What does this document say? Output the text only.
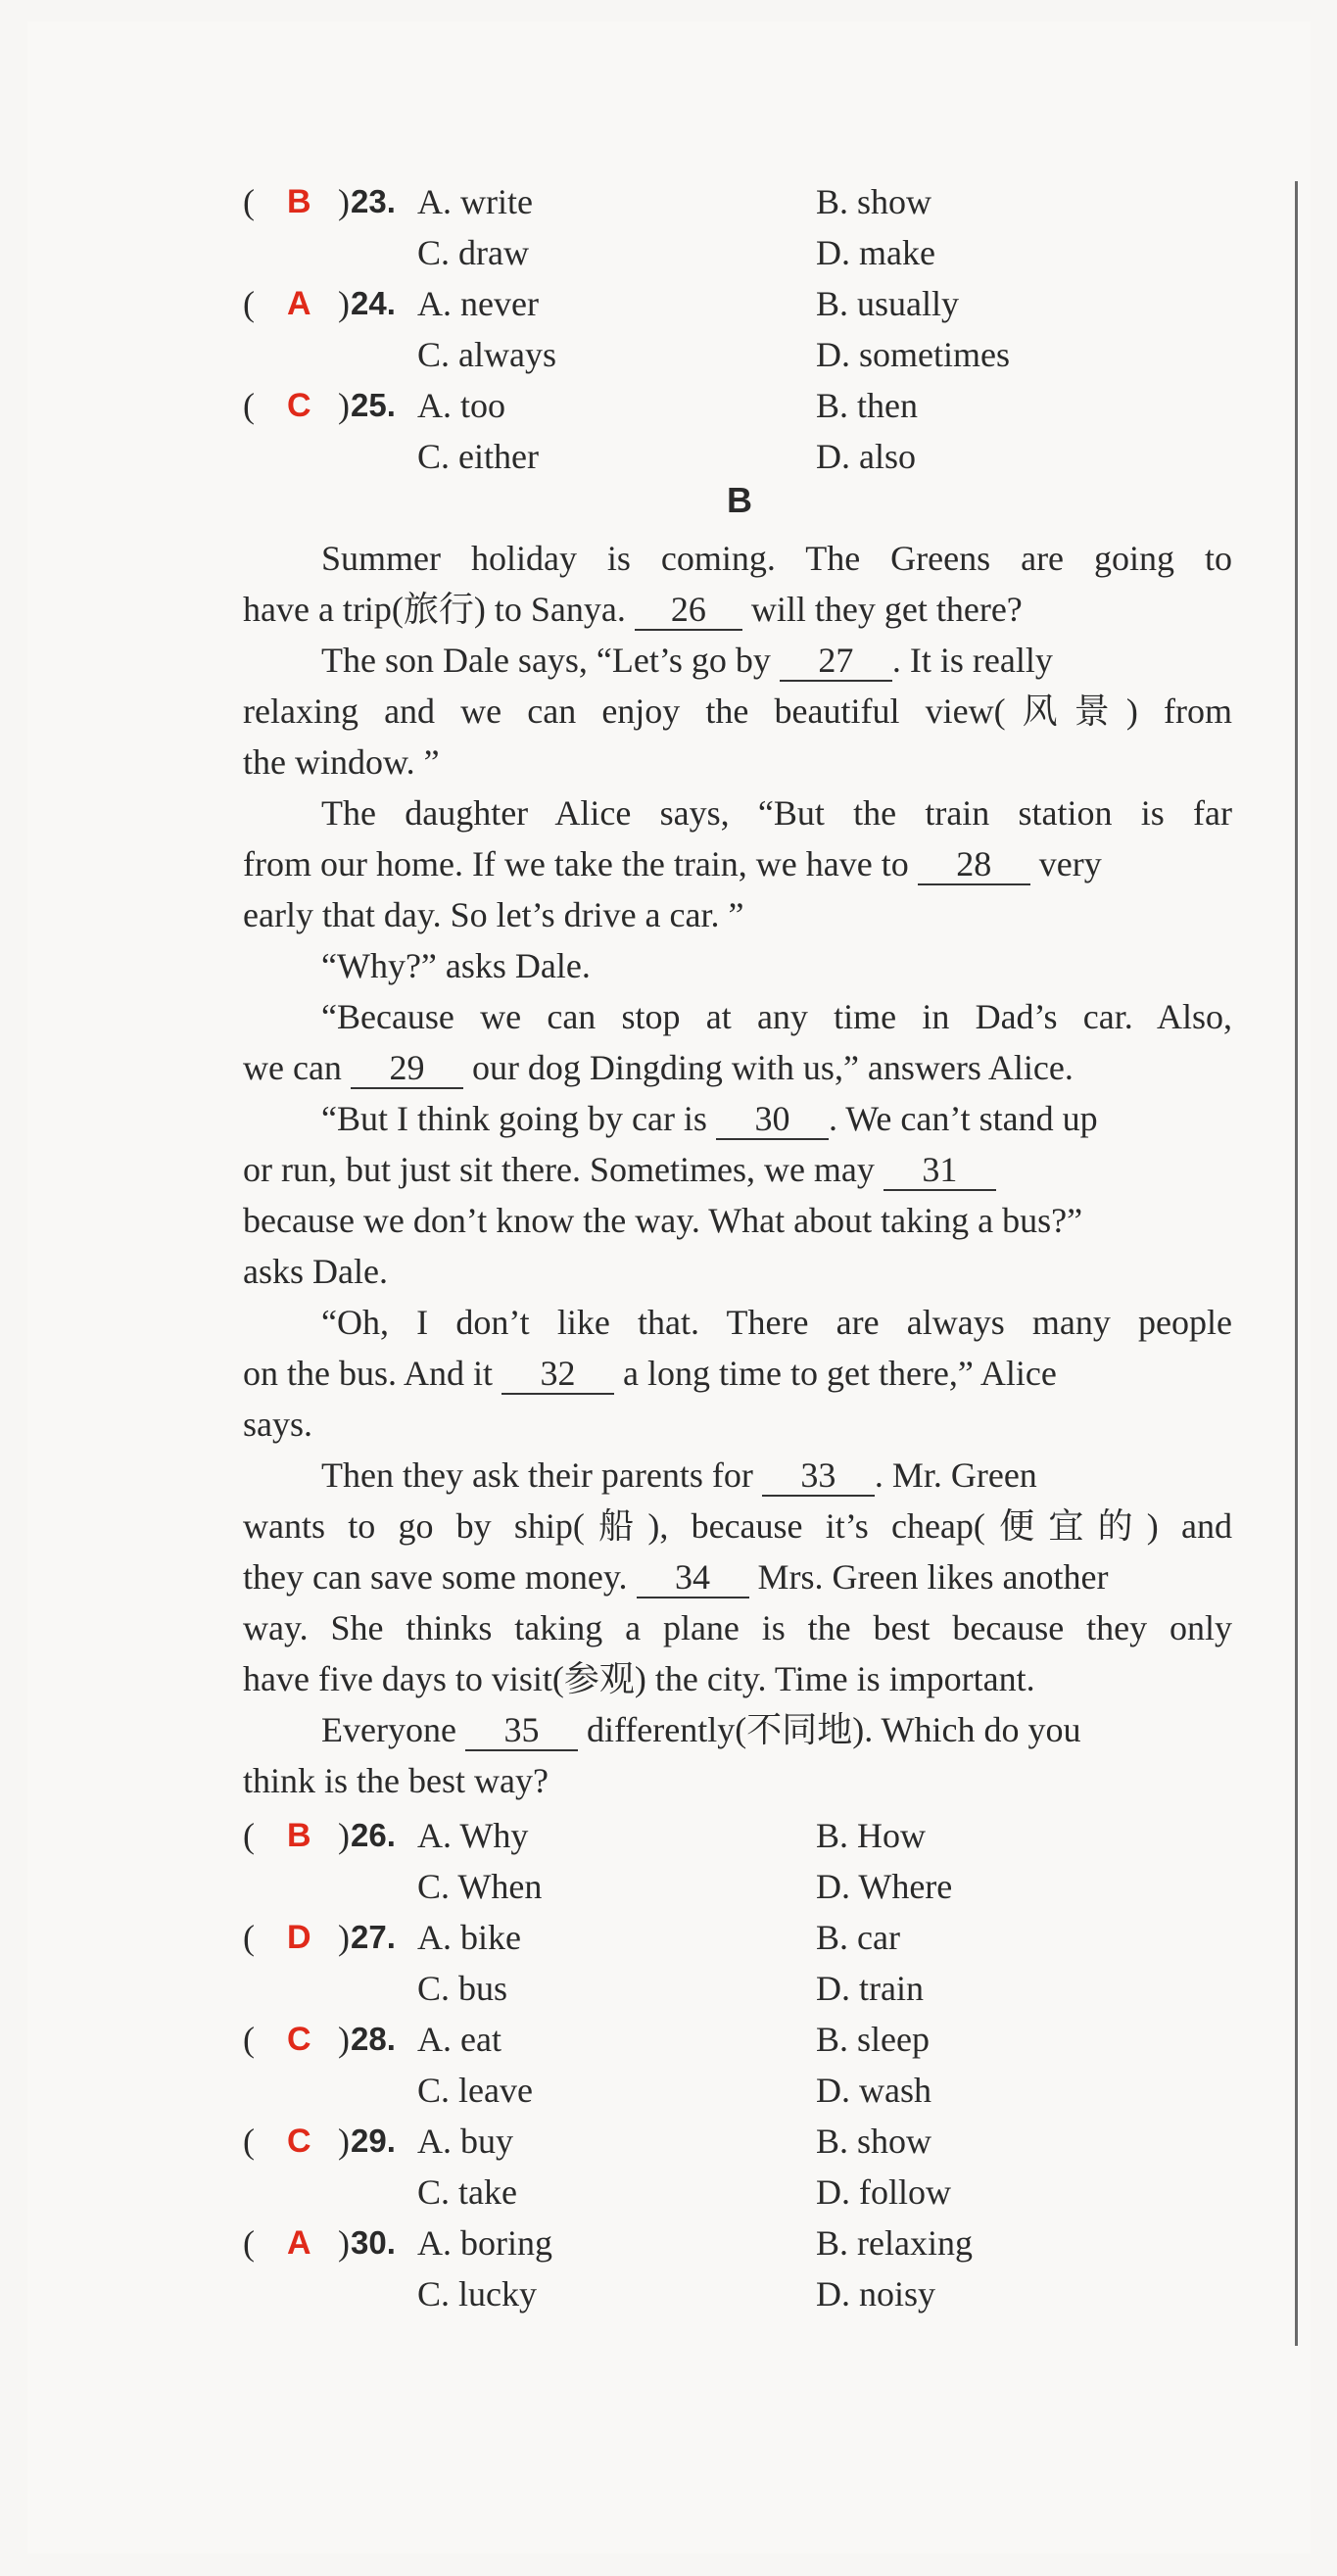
( B ) 23. A. write	B. show
C. draw	D. make
( A ) 24. A. never	B. usually
C. always	D. sometimes
( C ) 25. A. too	B. then
C. either	D. also
B
Summer holiday is coming. The Greens are going to
have a trip(旅行) to Sanya. 26 will they get there?
The son Dale says, “Let’s go by 27 . It is really
relaxing and we can enjoy the beautiful view(风景) from
the window. ”
The daughter Alice says, “But the train station is far
from our home. If we take the train, we have to 28 very
early that day. So let’s drive a car. ”
“Why?” asks Dale.
“Because we can stop at any time in Dad’s car. Also,
we can 29 our dog Dingding with us,” answers Alice.
“But I think going by car is 30 . We can’t stand up
or run, but just sit there. Sometimes, we may 31
because we don’t know the way. What about taking a bus?”
asks Dale.
“Oh, I don’t like that. There are always many people
on the bus. And it 32 a long time to get there,” Alice
says.
Then they ask their parents for 33 . Mr. Green
wants to go by ship(船), because it’s cheap(便宜的) and
they can save some money. 34 Mrs. Green likes another
way. She thinks taking a plane is the best because they only
have five days to visit(参观) the city. Time is important.
Everyone 35 differently(不同地). Which do you
think is the best way?
( B ) 26. A. Why	B. How
C. When	D. Where
( D ) 27. A. bike	B. car
C. bus	D. train
( C ) 28. A. eat	B. sleep
C. leave	D. wash
( C ) 29. A. buy	B. show
C. take	D. follow
( A ) 30. A. boring	B. relaxing
C. lucky	D. noisy
